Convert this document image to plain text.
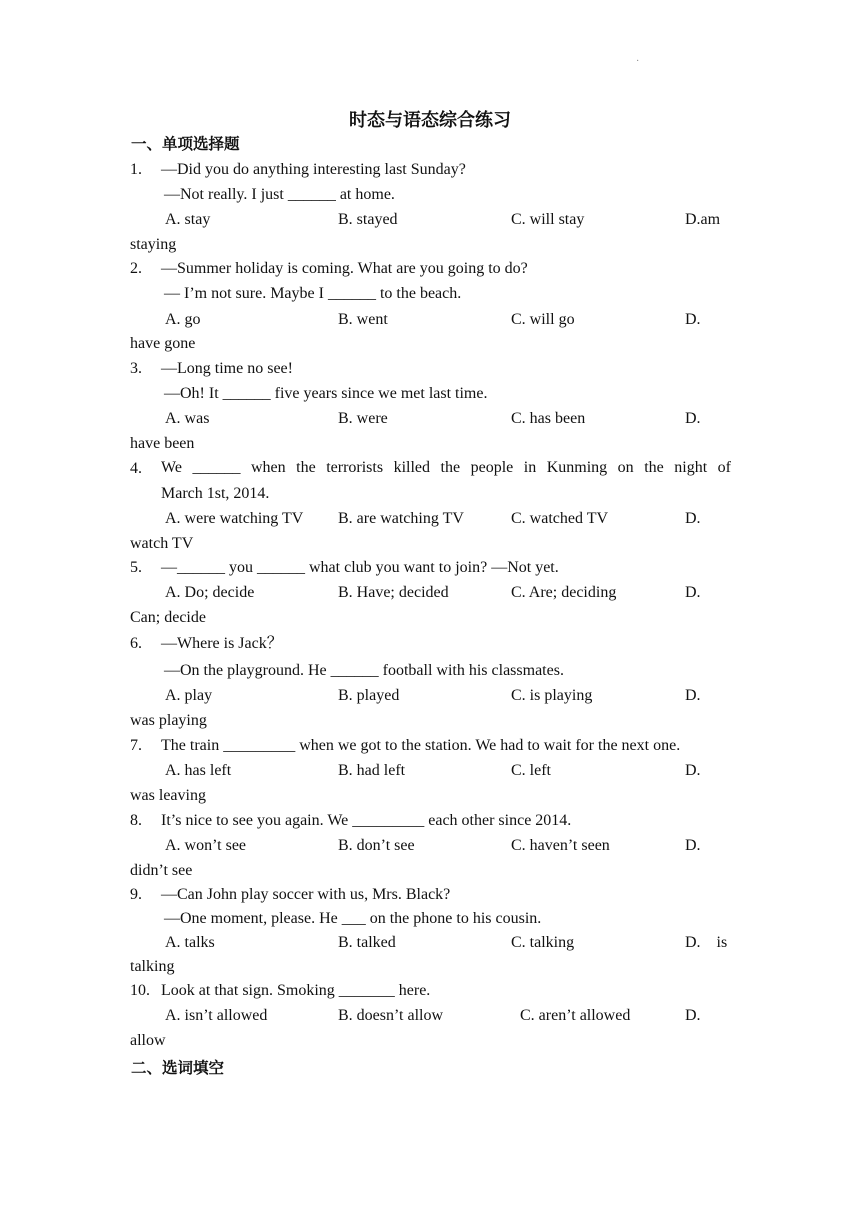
·
时态与语态综合练习
一、单项选择题
1. —Did you do anything interesting last Sunday?
—Not really. I just ______ at home.
A. stay	B. stayed	C. will stay	D.am
staying
2. —Summer holiday is coming. What are you going to do?
— I’m not sure. Maybe I ______ to the beach.
A. go	B. went	C. will go	D.
have gone
3. —Long time no see!
—Oh! It ______ five years since we met last time.
A. was	B. were	C. has been	D.
have been
4. We ______ when the terrorists killed the people in Kunming on the night of
March 1st, 2014.
A. were watching TV B. are watching TV	C. watched TV	D.
watch TV
5. —______ you ______ what club you want to join? —Not yet.
A. Do; decide	B. Have; decided	C. Are; deciding	D.
Can; decide
6. —Where is Jack？
—On the playground. He ______ football with his classmates.
A. play	B. played	C. is playing	D.
was playing
7. The train _________ when we got to the station. We had to wait for the next one.
A. has left	B. had left	C. left	D.
was leaving
8. It’s nice to see you again. We _________ each other since 2014.
A. won’t see	B. don’t see	C. haven’t seen	D.
didn’t see
9. —Can John play soccer with us, Mrs. Black?
—One moment, please. He ___ on the phone to his cousin.
A. talks	B. talked	C. talking	D.    is
talking
10. Look at that sign. Smoking _______ here.
A. isn’t allowed	B. doesn’t allow	C. aren’t allowed	D.
allow
二、选词填空
